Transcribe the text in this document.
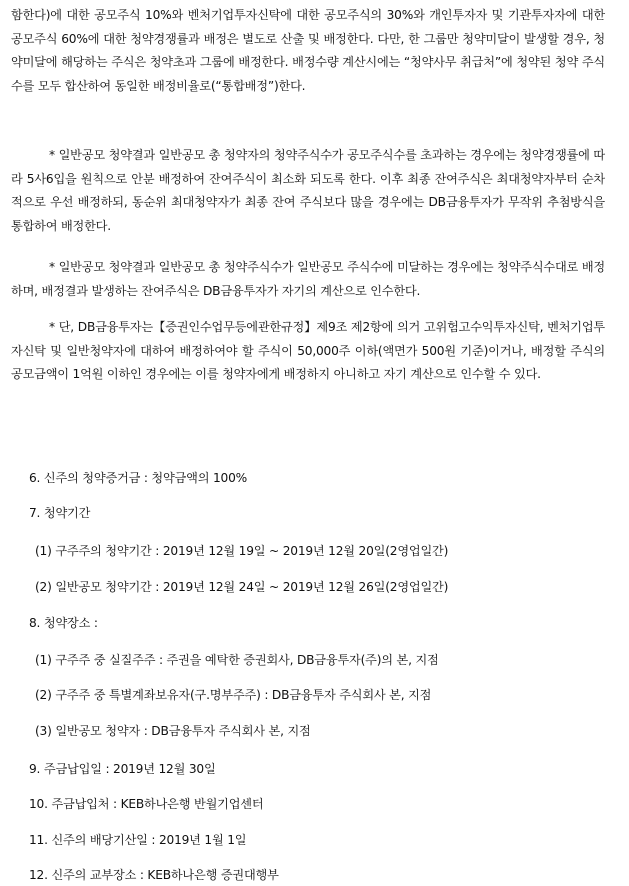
함한다)에 대한 공모주식 10%와 벤처기업투자신탁에 대한 공모주식의 30%와 개인투자자 및 기관투자자에 대한 공모주식 60%에 대한 청약경쟁률과 배정은 별도로 산출 및 배정한다. 다만, 한 그룹만 청약미달이 발생할 경우, 청약미달에 해당하는 주식은 청약초과 그룹에 배정한다. 배정수량 계산시에는 “청약사무 취급처”에 청약된 청약 주식수를 모두 합산하여 동일한 배정비율로(“통합배정”)한다.

* 일반공모 청약결과 일반공모 총 청약자의 청약주식수가 공모주식수를 초과하는 경우에는 청약경쟁률에 따라 5사6입을 원칙으로 안분 배정하여 잔여주식이 최소화 되도록 한다. 이후 최종 잔여주식은 최대청약자부터 순차적으로 우선 배정하되, 동순위 최대청약자가 최종 잔여 주식보다 많을 경우에는 DB금융투자가 무작위 추첨방식을 통합하여 배정한다.

* 일반공모 청약결과 일반공모 총 청약주식수가 일반공모 주식수에 미달하는 경우에는 청약주식수대로 배정하며, 배정결과 발생하는 잔여주식은 DB금융투자가 자기의 계산으로 인수한다.

* 단, DB금융투자는【증권인수업무등에관한규정】제9조 제2항에 의거 고위험고수익투자신탁, 벤처기업투자신탁 및 일반청약자에 대하여 배정하여야 할 주식이 50,000주 이하(액면가 500원 기준)이거나, 배정할 주식의 공모금액이 1억원 이하인 경우에는 이를 청약자에게 배정하지 아니하고 자기 계산으로 인수할 수 있다.

6. 신주의 청약증거금 : 청약금액의 100%
7. 청약기간
(1) 구주주의 청약기간 : 2019년 12월 19일 ~ 2019년 12월 20일(2영업일간)
(2) 일반공모 청약기간 : 2019년 12월 24일 ~ 2019년 12월 26일(2영업일간)
8. 청약장소 :
(1) 구주주 중 실질주주 : 주권을 예탁한 증권회사, DB금융투자(주)의 본, 지점
(2) 구주주 중 특별계좌보유자(구.명부주주) : DB금융투자 주식회사 본, 지점
(3) 일반공모 청약자 : DB금융투자 주식회사 본, 지점
9. 주금납입일 : 2019년 12월 30일
10. 주금납입처 : KEB하나은행 반월기업센터
11. 신주의 배당기산일 : 2019년 1월 1일
12. 신주의 교부장소 : KEB하나은행 증권대행부
